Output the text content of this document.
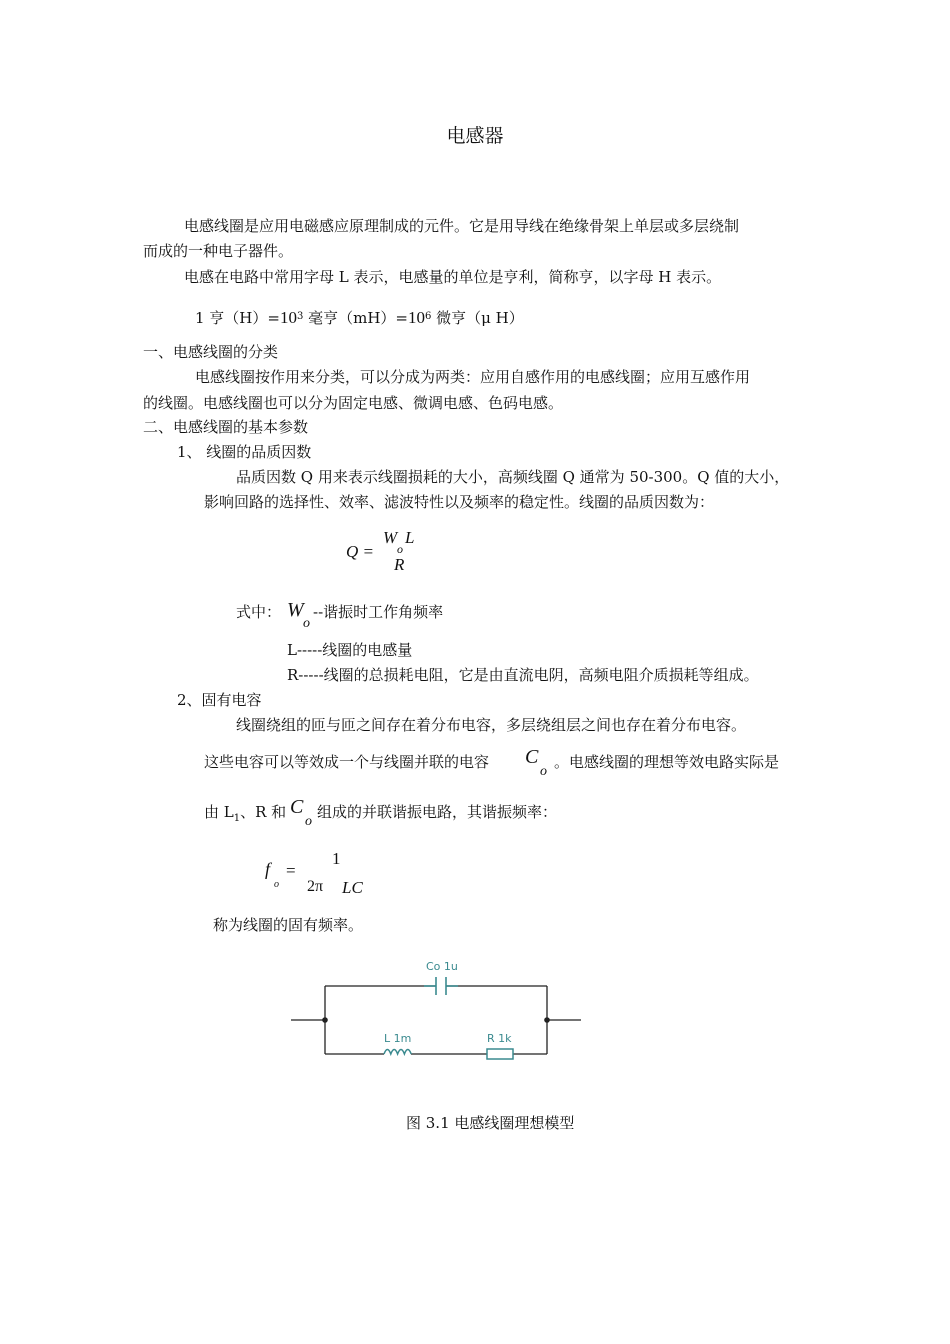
电感器
电感线圈是应用电磁感应原理制成的元件。它是用导线在绝缘骨架上单层或多层绕制
而成的一种电子器件。
电感在电路中常用字母 L 表示，电感量的单位是亨利，简称亨，以字母 H 表示。
1 亨$(H)=10^3$ 毫亨$(mH)=10^6$ 微亨（μ H）
一、电感线圈的分类
电感线圈按作用来分类，可以分成为两类：应用自感作用的电感线圈；应用互感作用
的线圈。电感线圈也可以分为固定电感、微调电感、色码电感。
二、电感线圈的基本参数
1、 线圈的品质因数
品质因数 Q 用来表示线圈损耗的大小，高频线圈 Q 通常为 50-300。Q 值的大小，
影响回路的选择性、效率、滤波特性以及频率的稳定性。线圈的品质因数为：
Q =
W
o
L
R
式中： W
o
--谐振时工作角频率
L-----线圈的电感量
R-----线圈的总损耗电阻，它是由直流电阴，高频电阻介质损耗等组成。
2、固有电容
线圈绕组的匝与匝之间存在着分布电容，多层绕组层之间也存在着分布电容。
这些电容可以等效成一个与线圈并联的电容 C
o
。电感线圈的理想等效电路实际是
由 $L_1$、R 和 C
o
组成的并联谐振电路，其谐振频率：
f
o
=
1
2π LC
称为线圈的固有频率。
Co 1u
L 1m	R 1k
图 3.1 电感线圈理想模型
